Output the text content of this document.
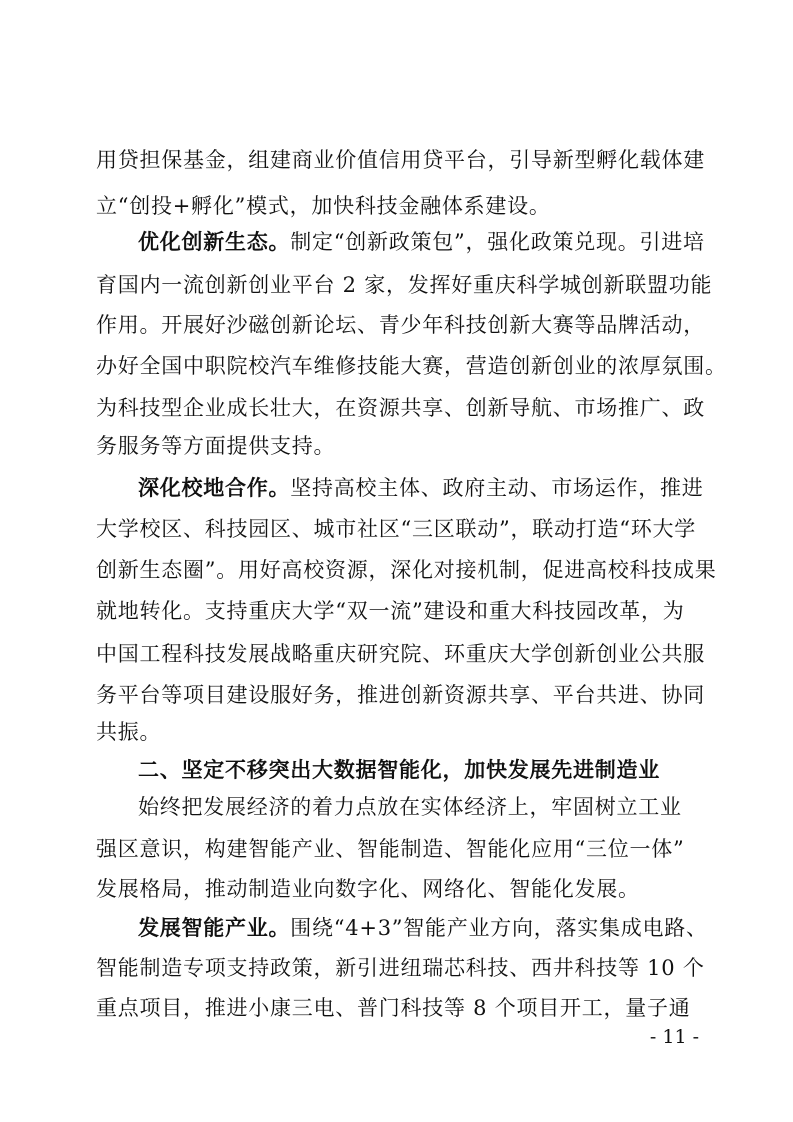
用贷担保基金，组建商业价值信用贷平台，引导新型孵化载体建
立“创投+孵化”模式，加快科技金融体系建设。
优化创新生态。制定“创新政策包”，强化政策兑现。引进培
育国内一流创新创业平台 2 家，发挥好重庆科学城创新联盟功能
作用。开展好沙磁创新论坛、青少年科技创新大赛等品牌活动，
办好全国中职院校汽车维修技能大赛，营造创新创业的浓厚氛围。
为科技型企业成长壮大，在资源共享、创新导航、市场推广、政
务服务等方面提供支持。
深化校地合作。坚持高校主体、政府主动、市场运作，推进
大学校区、科技园区、城市社区“三区联动”，联动打造“环大学
创新生态圈”。用好高校资源，深化对接机制，促进高校科技成果
就地转化。支持重庆大学“双一流”建设和重大科技园改革，为
中国工程科技发展战略重庆研究院、环重庆大学创新创业公共服
务平台等项目建设服好务，推进创新资源共享、平台共进、协同
共振。
二、坚定不移突出大数据智能化，加快发展先进制造业
始终把发展经济的着力点放在实体经济上，牢固树立工业
强区意识，构建智能产业、智能制造、智能化应用“三位一体”
发展格局，推动制造业向数字化、网络化、智能化发展。
发展智能产业。围绕“4+3”智能产业方向，落实集成电路、
智能制造专项支持政策，新引进纽瑞芯科技、西井科技等 10 个
重点项目，推进小康三电、普门科技等 8 个项目开工，量子通
- 11 -
